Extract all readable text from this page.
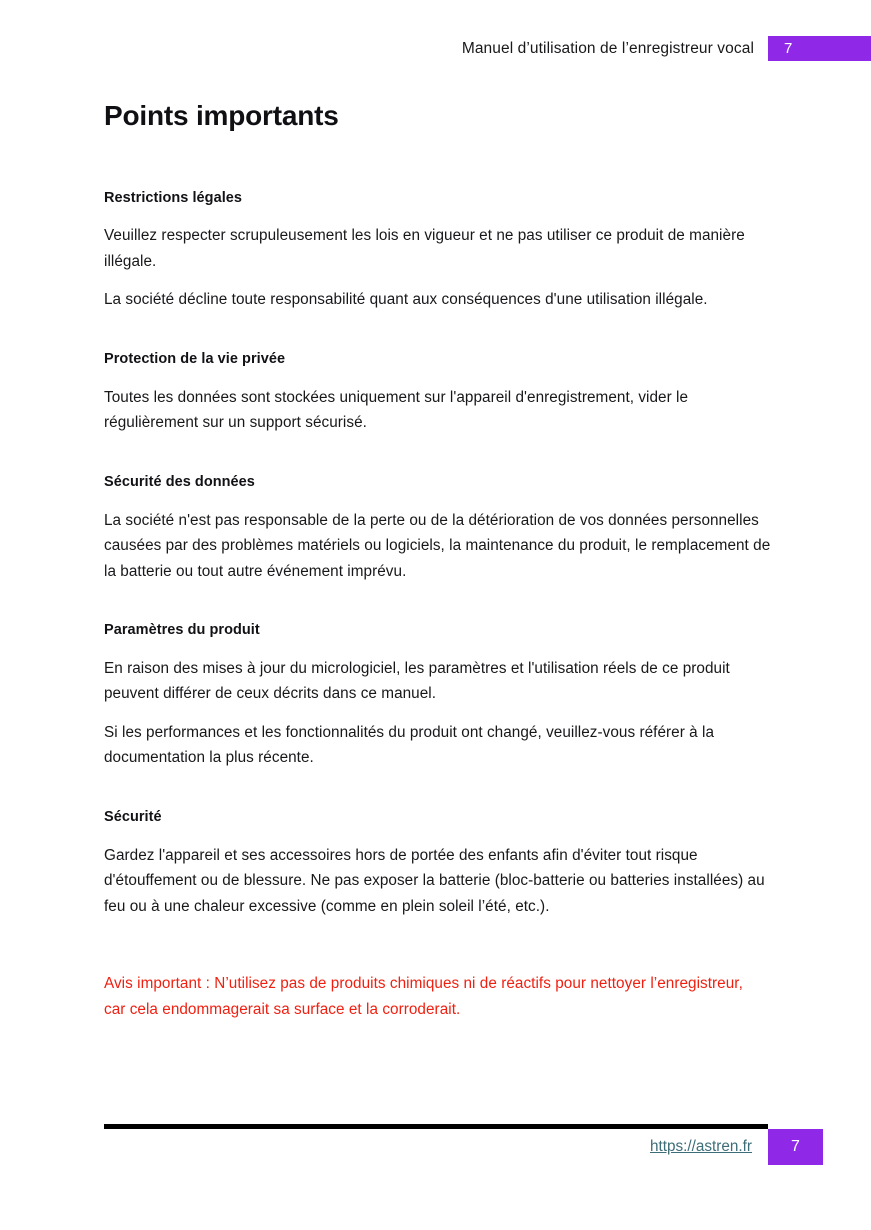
Manuel d’utilisation de l’enregistreur vocal	7
Points importants
Restrictions légales

Veuillez respecter scrupuleusement les lois en vigueur et ne pas utiliser ce produit de manière illégale.

La société décline toute responsabilité quant aux conséquences d'une utilisation illégale.

Protection de la vie privée

Toutes les données sont stockées uniquement sur l'appareil d'enregistrement, vider le régulièrement sur un support sécurisé.

Sécurité des données

La société n'est pas responsable de la perte ou de la détérioration de vos données personnelles causées par des problèmes matériels ou logiciels, la maintenance du produit, le remplacement de la batterie ou tout autre événement imprévu.

Paramètres du produit

En raison des mises à jour du micrologiciel, les paramètres et l'utilisation réels de ce produit peuvent différer de ceux décrits dans ce manuel.

Si les performances et les fonctionnalités du produit ont changé, veuillez-vous référer à la documentation la plus récente.

Sécurité

Gardez l'appareil et ses accessoires hors de portée des enfants afin d'éviter tout risque d'étouffement ou de blessure. Ne pas exposer la batterie (bloc-batterie ou batteries installées) au feu ou à une chaleur excessive (comme en plein soleil l’été, etc.).

Avis important : N’utilisez pas de produits chimiques ni de réactifs pour nettoyer l’enregistreur, car cela endommagerait sa surface et la corroderait.

https://astren.fr	7
